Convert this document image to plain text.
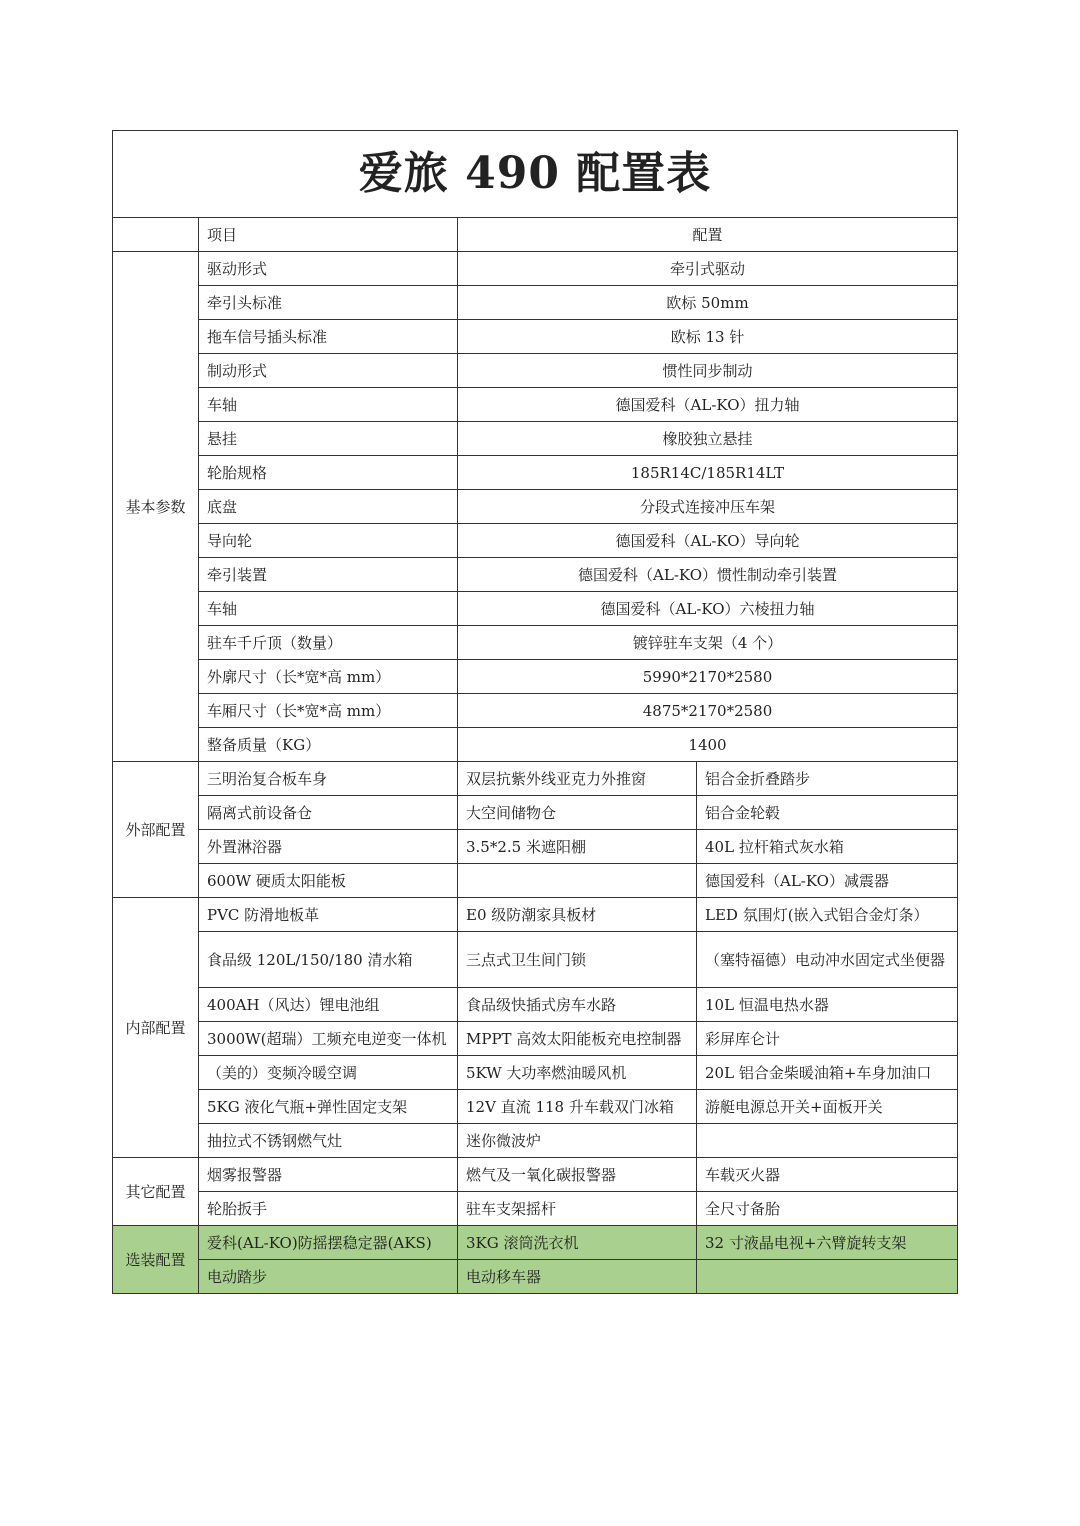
爱旅 490 配置表			
	项目	配置	
基本参数	驱动形式	牵引式驱动	
	牵引头标准	欧标 50mm	
	拖车信号插头标准	欧标 13 针	
	制动形式	惯性同步制动	
	车轴	德国爱科（AL-KO）扭力轴	
	悬挂	橡胶独立悬挂	
	轮胎规格	185R14C/185R14LT	
	底盘	分段式连接冲压车架	
	导向轮	德国爱科（AL-KO）导向轮	
	牵引装置	德国爱科（AL-KO）惯性制动牵引装置	
	车轴	德国爱科（AL-KO）六棱扭力轴	
	驻车千斤顶（数量）	镀锌驻车支架（4 个）	
	外廓尺寸（长*宽*高 mm）	5990*2170*2580	
	车厢尺寸（长*宽*高 mm）	4875*2170*2580	
	整备质量（KG）	1400	
外部配置	三明治复合板车身	双层抗紫外线亚克力外推窗	铝合金折叠踏步
	隔离式前设备仓	大空间储物仓	铝合金轮毂
	外置淋浴器	3.5*2.5 米遮阳棚	40L 拉杆箱式灰水箱
	600W 硬质太阳能板		德国爱科（AL-KO）减震器
内部配置	PVC 防滑地板革	E0 级防潮家具板材	LED 氛围灯(嵌入式铝合金灯条）
	食品级 120L/150/180 清水箱	三点式卫生间门锁	（塞特福德）电动冲水固定式坐便器
	400AH（风达）锂电池组	食品级快插式房车水路	10L 恒温电热水器
	3000W(超瑞）工频充电逆变一体机	MPPT 高效太阳能板充电控制器	彩屏库仑计
	（美的）变频冷暖空调	5KW 大功率燃油暖风机	20L 铝合金柴暖油箱+车身加油口
	5KG 液化气瓶+弹性固定支架	12V 直流 118 升车载双门冰箱	游艇电源总开关+面板开关
	抽拉式不锈钢燃气灶	迷你微波炉	
其它配置	烟雾报警器	燃气及一氧化碳报警器	车载灭火器
	轮胎扳手	驻车支架摇杆	全尺寸备胎
选装配置	爱科(AL-KO)防摇摆稳定器(AKS)	3KG 滚筒洗衣机	32 寸液晶电视+六臂旋转支架
	电动踏步	电动移车器	
